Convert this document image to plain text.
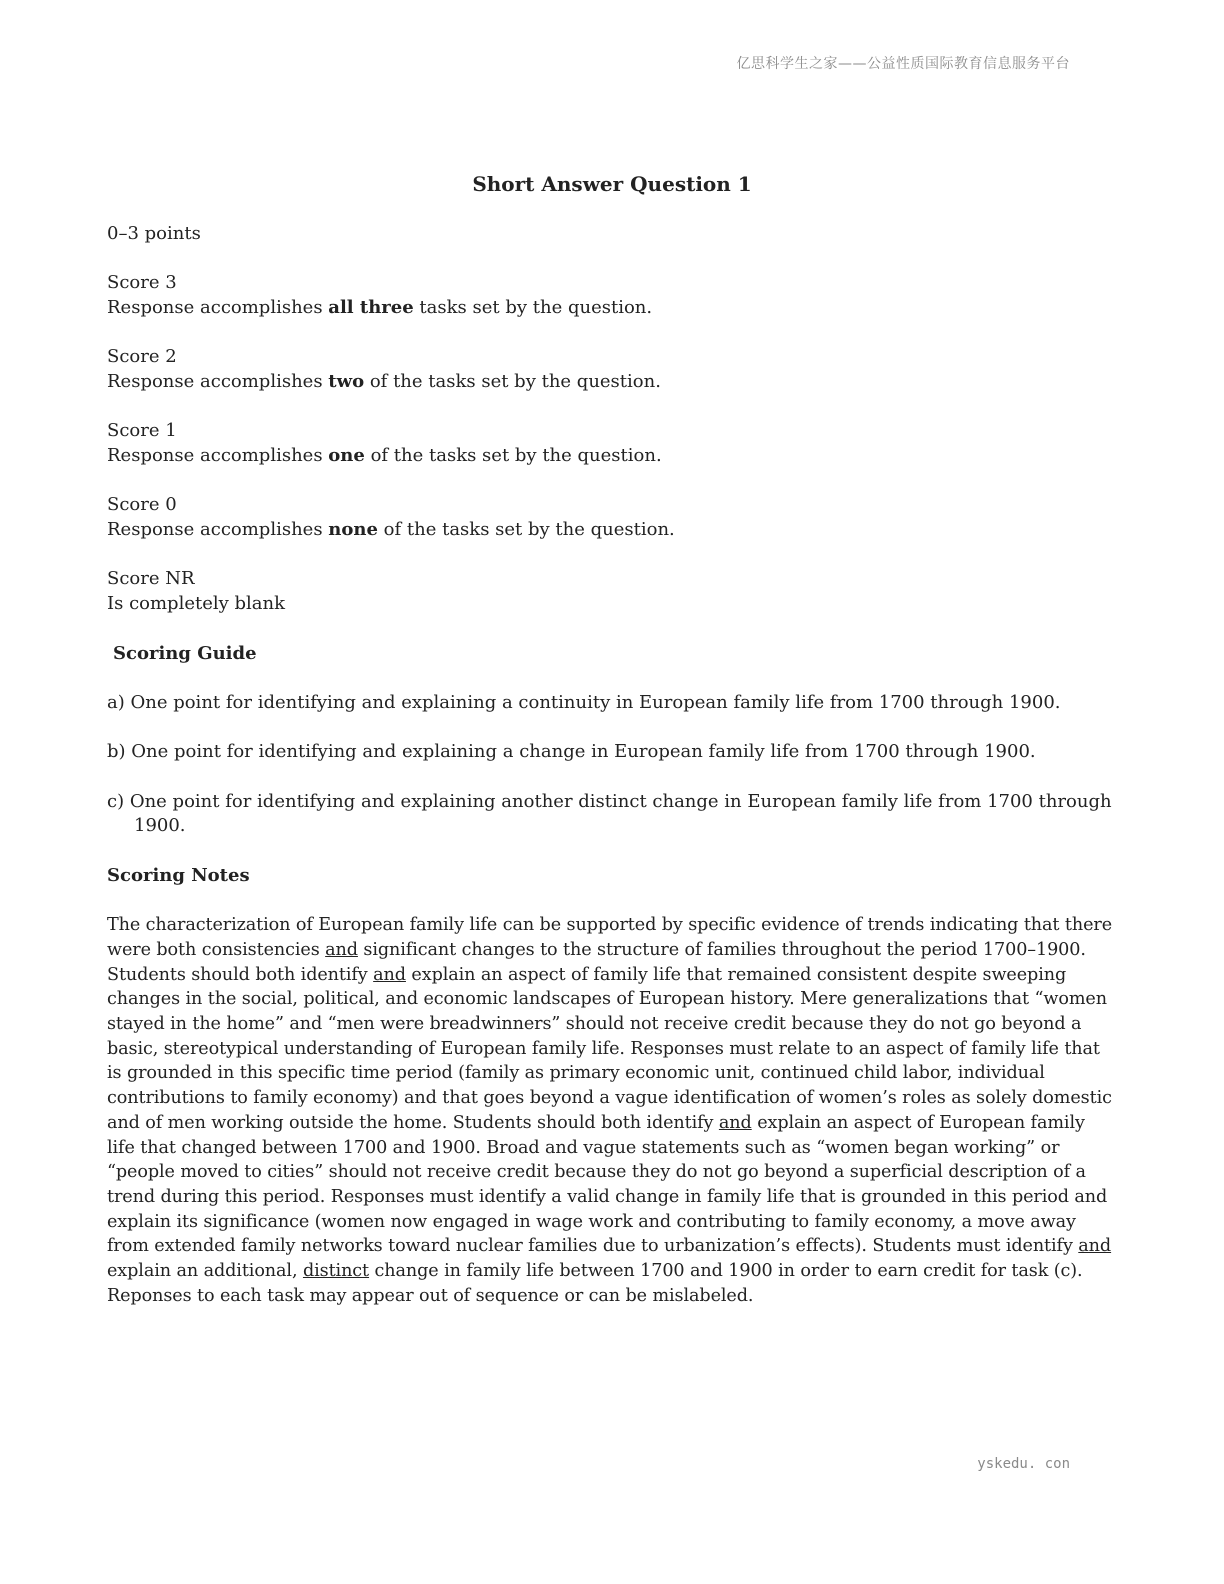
亿思科学生之家——公益性质国际教育信息服务平台
Short Answer Question 1

0–3 points

Score 3

Response accomplishes all three tasks set by the question.

Score 2

Response accomplishes two of the tasks set by the question.

Score 1

Response accomplishes one of the tasks set by the question.

Score 0

Response accomplishes none of the tasks set by the question.

Score NR

Is completely blank

Scoring Guide

a) One point for identifying and explaining a continuity in European family life from 1700 through 1900.

b) One point for identifying and explaining a change in European family life from 1700 through 1900.

c) One point for identifying and explaining another distinct change in European family life from 1700 through 1900.

Scoring Notes

The characterization of European family life can be supported by specific evidence of trends indicating that there were both consistencies and significant changes to the structure of families throughout the period 1700–1900. Students should both identify and explain an aspect of family life that remained consistent despite sweeping changes in the social, political, and economic landscapes of European history. Mere generalizations that “women stayed in the home” and “men were breadwinners” should not receive credit because they do not go beyond a basic, stereotypical understanding of European family life. Responses must relate to an aspect of family life that is grounded in this specific time period (family as primary economic unit, continued child labor, individual contributions to family economy) and that goes beyond a vague identification of women’s roles as solely domestic and of men working outside the home. Students should both identify and explain an aspect of European family life that changed between 1700 and 1900. Broad and vague statements such as “women began working” or “people moved to cities” should not receive credit because they do not go beyond a superficial description of a trend during this period. Responses must identify a valid change in family life that is grounded in this period and explain its significance (women now engaged in wage work and contributing to family economy, a move away from extended family networks toward nuclear families due to urbanization’s effects). Students must identify and explain an additional, distinct change in family life between 1700 and 1900 in order to earn credit for task (c). Reponses to each task may appear out of sequence or can be mislabeled.

yskedu. con
